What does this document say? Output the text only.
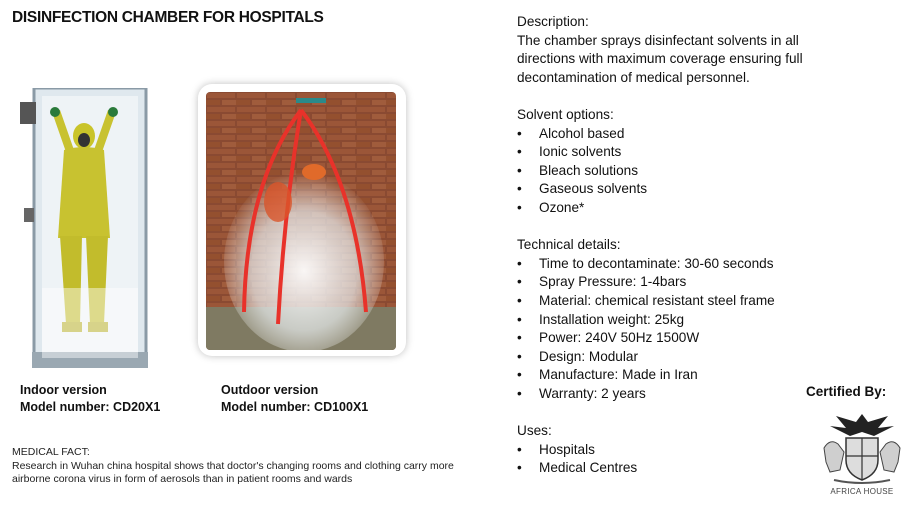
DISINFECTION CHAMBER FOR HOSPITALS
Indoor version
Model number: CD20X1
Outdoor version
Model number: CD100X1
MEDICAL FACT:
Research in Wuhan china hospital shows that doctor's changing rooms and clothing carry more airborne corona virus in form of aerosols than in patient rooms and wards

Description:

The chamber sprays disinfectant solvents in all directions with maximum coverage ensuring full decontamination of medical personnel.

Solvent options:

• Alcohol based
• Ionic solvents
• Bleach solutions
• Gaseous solvents
• Ozone*

Technical details:

• Time to decontaminate: 30-60 seconds
• Spray Pressure: 1-4bars
• Material: chemical resistant steel frame
• Installation weight: 25kg
• Power: 240V 50Hz 1500W
• Design: Modular
• Manufacture: Made in Iran
• Warranty: 2 years

Uses:

• Hospitals
• Medical Centres
Certified By:
AFRICA HOUSE
